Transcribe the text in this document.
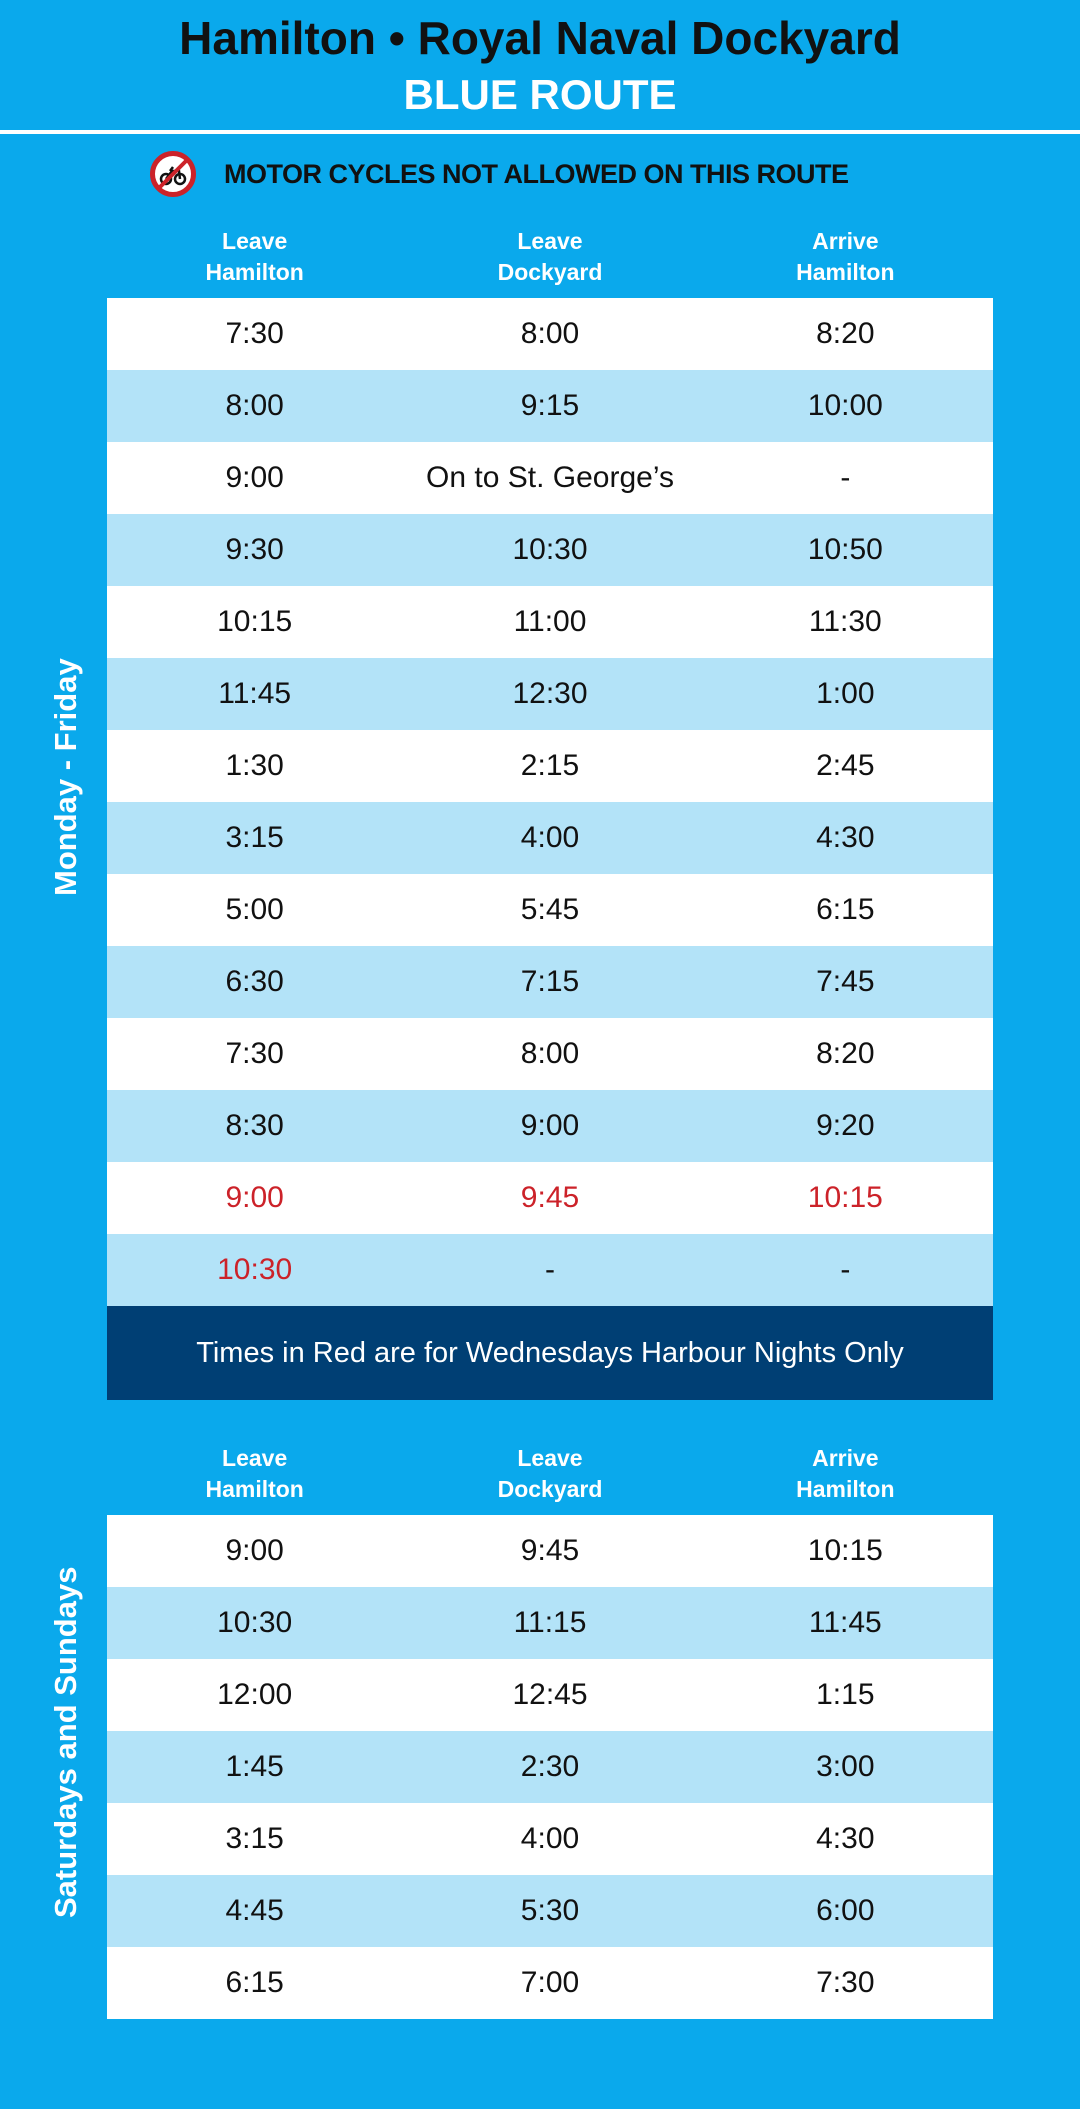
Hamilton • Royal Naval Dockyard
BLUE ROUTE
MOTOR CYCLES NOT ALLOWED ON THIS ROUTE
Leave
Hamilton
Leave
Dockyard
Arrive
Hamilton
7:30	8:00	8:20
8:00	9:15	10:00
9:00	On to St. George’s	-
9:30	10:30	10:50
10:15	11:00	11:30
11:45	12:30	1:00
1:30	2:15	2:45
3:15	4:00	4:30
5:00	5:45	6:15
6:30	7:15	7:45
7:30	8:00	8:20
8:30	9:00	9:20
9:00	9:45	10:15
10:30	-	-
Times in Red are for Wednesdays Harbour Nights Only
Monday - Friday
Leave
Hamilton
Leave
Dockyard
Arrive
Hamilton
9:00	9:45	10:15
10:30	11:15	11:45
12:00	12:45	1:15
1:45	2:30	3:00
3:15	4:00	4:30
4:45	5:30	6:00
6:15	7:00	7:30
Saturdays and Sundays
